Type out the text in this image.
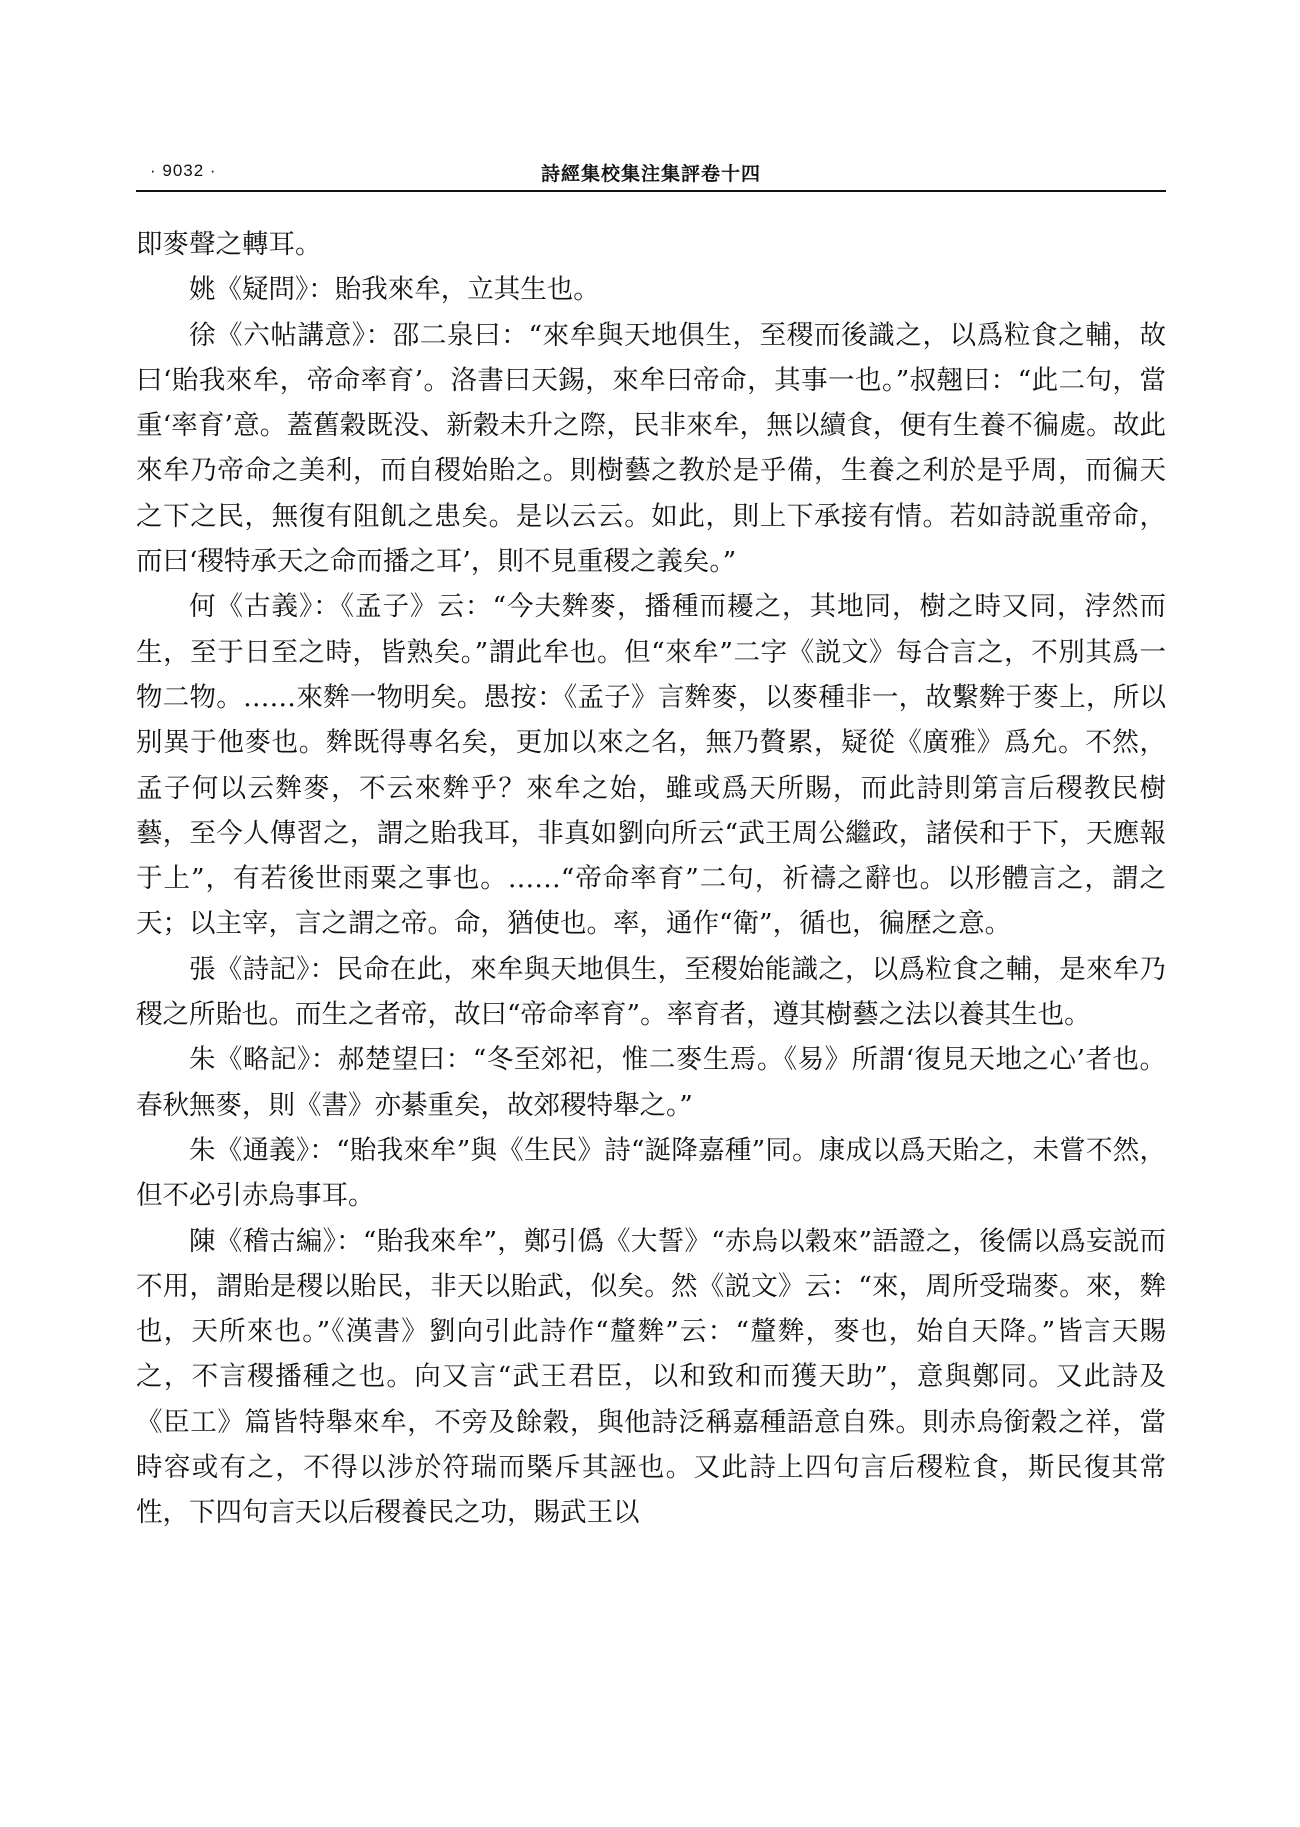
· 9032 ·	詩經集校集注集評卷十四

即麥聲之轉耳。

姚《疑問》：貽我來牟，立其生也。

徐《六帖講意》：邵二泉曰：“來牟與天地俱生，至稷而後識之，以爲粒食之輔，故曰‘貽我來牟，帝命率育’。洛書曰天錫，來牟曰帝命，其事一也。”叔翹曰：“此二句，當重‘率育’意。蓋舊穀既没、新穀未升之際，民非來牟，無以續食，便有生養不徧處。故此來牟乃帝命之美利，而自稷始貽之。則樹藝之教於是乎備，生養之利於是乎周，而徧天之下之民，無復有阻飢之患矣。是以云云。如此，則上下承接有情。若如詩説重帝命，而曰‘稷特承天之命而播之耳’，則不見重稷之義矣。”

何《古義》：《孟子》云：“今夫麰麥，播種而耰之，其地同，樹之時又同，浡然而生，至于日至之時，皆熟矣。”謂此牟也。但“來牟”二字《説文》每合言之，不別其爲一物二物。……來麰一物明矣。愚按：《孟子》言麰麥，以麥種非一，故繫麰于麥上，所以别異于他麥也。麰既得專名矣，更加以來之名，無乃贅累，疑從《廣雅》爲允。不然，孟子何以云麰麥，不云來麰乎？來牟之始，雖或爲天所賜，而此詩則第言后稷教民樹藝，至今人傳習之，謂之貽我耳，非真如劉向所云“武王周公繼政，諸侯和于下，天應報于上”，有若後世雨粟之事也。……“帝命率育”二句，祈禱之辭也。以形體言之，謂之天；以主宰，言之謂之帝。命，猶使也。率，通作“衛”，循也，徧歷之意。

張《詩記》：民命在此，來牟與天地俱生，至稷始能識之，以爲粒食之輔，是來牟乃稷之所貽也。而生之者帝，故曰“帝命率育”。率育者，遵其樹藝之法以養其生也。

朱《略記》：郝楚望曰：“冬至郊祀，惟二麥生焉。《易》所謂‘復見天地之心’者也。春秋無麥，則《書》亦綦重矣，故郊稷特舉之。”

朱《通義》：“貽我來牟”與《生民》詩“誕降嘉種”同。康成以爲天貽之，未嘗不然，但不必引赤烏事耳。

陳《稽古編》：“貽我來牟”，鄭引僞《大誓》“赤烏以穀來”語證之，後儒以爲妄説而不用，謂貽是稷以貽民，非天以貽武，似矣。然《説文》云：“來，周所受瑞麥。來，麰也，天所來也。”《漢書》劉向引此詩作“釐麰”云：“釐麰，麥也，始自天降。”皆言天賜之，不言稷播種之也。向又言“武王君臣，以和致和而獲天助”，意與鄭同。又此詩及《臣工》篇皆特舉來牟，不旁及餘穀，與他詩泛稱嘉種語意自殊。則赤烏銜穀之祥，當時容或有之，不得以涉於符瑞而槩斥其誣也。又此詩上四句言后稷粒食，斯民復其常性，下四句言天以后稷養民之功，賜武王以
